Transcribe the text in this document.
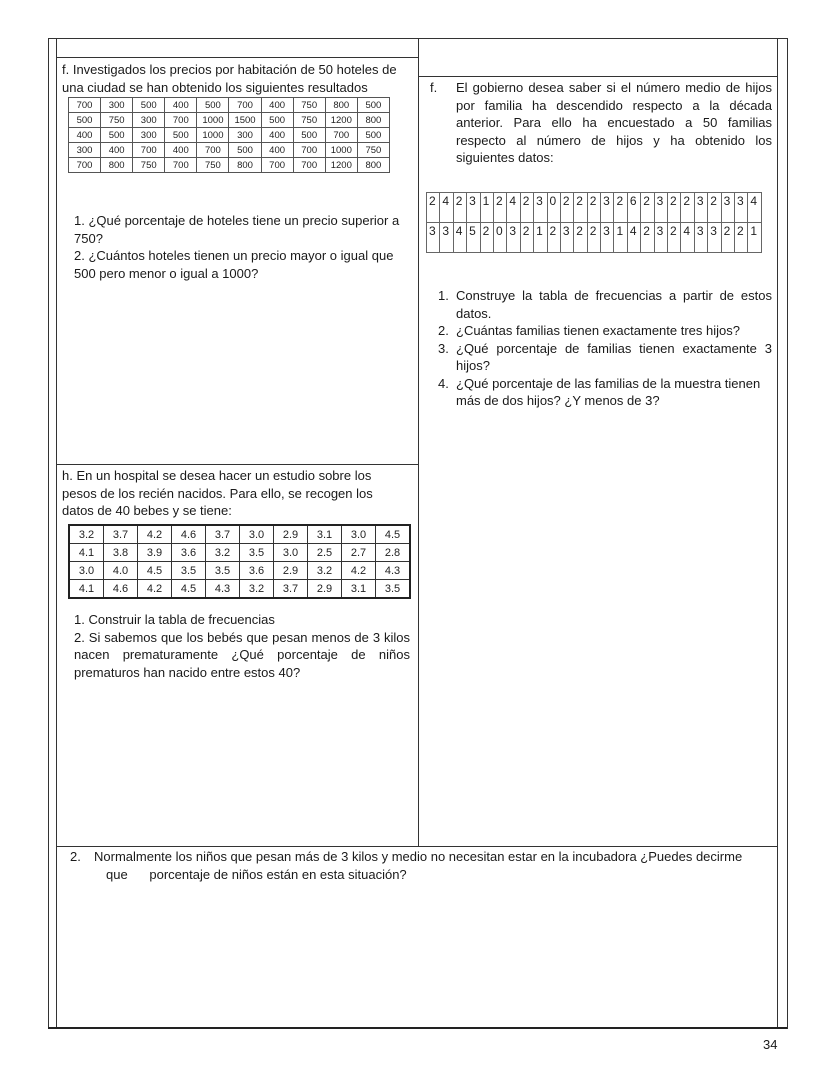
f. Investigados los precios por habitación de 50 hoteles de una ciudad se han obtenido los siguientes resultados
700	300	500	400	500	700	400	750	800	500
500	750	300	700	1000	1500	500	750	1200	800
400	500	300	500	1000	300	400	500	700	500
300	400	700	400	700	500	400	700	1000	750
700	800	750	700	750	800	700	700	1200	800
1. ¿Qué porcentaje de hoteles tiene un precio superior a 750?
2. ¿Cuántos hoteles tienen un precio mayor o igual que 500 pero menor o igual a 1000?
f.	El gobierno desea saber si el número medio de hijos por familia ha descendido respecto a la década anterior. Para ello ha encuestado a 50 familias respecto al número de hijos y ha obtenido los siguientes datos:
2	4	2	3	1	2	4	2	3	0	2	2	2	3	2	6	2	3	2	2	3	2	3	3	4
3	3	4	5	2	0	3	2	1	2	3	2	2	3	1	4	2	3	2	4	3	3	2	2	1
1. Construye la tabla de frecuencias a partir de estos datos.
2. ¿Cuántas familias tienen exactamente tres hijos?
3. ¿Qué porcentaje de familias tienen exactamente 3 hijos?
4. ¿Qué porcentaje de las familias de la muestra tienen más de dos hijos? ¿Y menos de 3?
h. En un hospital se desea hacer un estudio sobre los pesos de los recién nacidos. Para ello, se recogen los datos de 40 bebes y se tiene:
3.2	3.7	4.2	4.6	3.7	3.0	2.9	3.1	3.0	4.5
4.1	3.8	3.9	3.6	3.2	3.5	3.0	2.5	2.7	2.8
3.0	4.0	4.5	3.5	3.5	3.6	2.9	3.2	4.2	4.3
4.1	4.6	4.2	4.5	4.3	3.2	3.7	2.9	3.1	3.5
1. Construir la tabla de frecuencias
2. Si sabemos que los bebés que pesan menos de 3 kilos nacen prematuramente ¿Qué porcentaje de niños prematuros han nacido entre estos 40?
2.	Normalmente los niños que pesan más de 3 kilos y medio no necesitan estar en la incubadora ¿Puedes decirme
que      porcentaje de niños están en esta situación?
34
